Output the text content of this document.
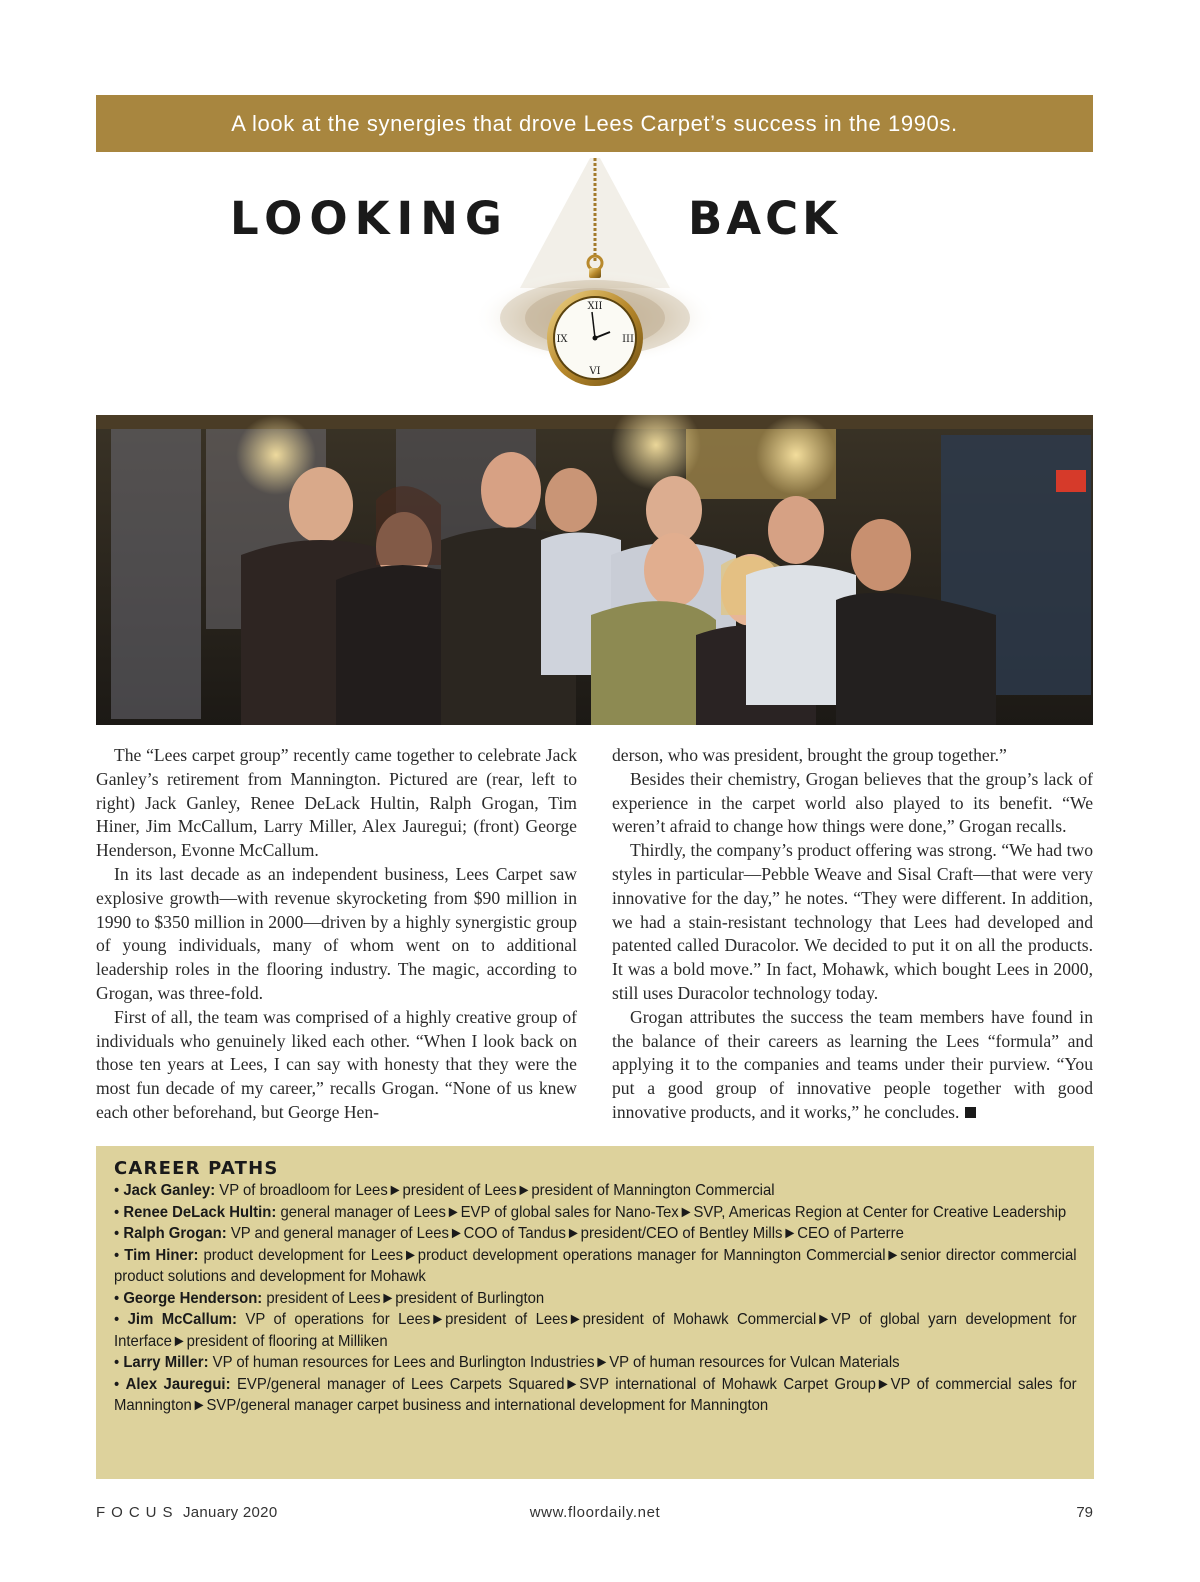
A look at the synergies that drove Lees Carpet’s success in the 1990s.
LOOKING
XII
III
VI
IX
BACK

The “Lees carpet group” recently came together to celebrate Jack Ganley’s retirement from Mannington. Pictured are (rear, left to right) Jack Ganley, Renee DeLack Hultin, Ralph Grogan, Tim Hiner, Jim McCallum, Larry Miller, Alex Jauregui; (front) George Henderson, Evonne McCallum.

In its last decade as an independent business, Lees Carpet saw explosive growth—with revenue skyrocketing from $90 million in 1990 to $350 million in 2000—driven by a highly synergistic group of young individuals, many of whom went on to additional leadership roles in the flooring industry. The magic, according to Grogan, was three-fold.

First of all, the team was comprised of a highly creative group of individuals who genuinely liked each other. “When I look back on those ten years at Lees, I can say with honesty that they were the most fun decade of my career,” recalls Grogan. “None of us knew each other beforehand, but George Hen-

derson, who was president, brought the group together.”

Besides their chemistry, Grogan believes that the group’s lack of experience in the carpet world also played to its benefit. “We weren’t afraid to change how things were done,” Grogan recalls.

Thirdly, the company’s product offering was strong. “We had two styles in particular—Pebble Weave and Sisal Craft—that were very innovative for the day,” he notes. “They were different. In addition, we had a stain-resistant technology that Lees had developed and patented called Duracolor. We decided to put it on all the products. It was a bold move.” In fact, Mohawk, which bought Lees in 2000, still uses Duracolor technology today.

Grogan attributes the success the team members have found in the balance of their careers as learning the Lees “formula” and applying it to the companies and teams under their purview. “You put a good group of innovative people together with good innovative products, and it works,” he concludes.

CAREER PATHS
• Jack Ganley: VP of broadloom for Lees►president of Lees►president of Mannington Commercial
• Renee DeLack Hultin: general manager of Lees►EVP of global sales for Nano-Tex►SVP, Americas Region at Center for Creative Leadership
• Ralph Grogan: VP and general manager of Lees►COO of Tandus►president/CEO of Bentley Mills►CEO of Parterre
• Tim Hiner: product development for Lees►product development operations manager for Mannington Commercial►senior director commercial product solutions and development for Mohawk
• George Henderson: president of Lees►president of Burlington
• Jim McCallum: VP of operations for Lees►president of Lees►president of Mohawk Commercial►VP of global yarn development for Interface►president of flooring at Milliken
• Larry Miller: VP of human resources for Lees and Burlington Industries►VP of human resources for Vulcan Materials
• Alex Jauregui: EVP/general manager of Lees Carpets Squared►SVP international of Mohawk Carpet Group►VP of commercial sales for Mannington►SVP/general manager carpet business and international development for Mannington
FOCUS January 2020	www.floordaily.net	79
